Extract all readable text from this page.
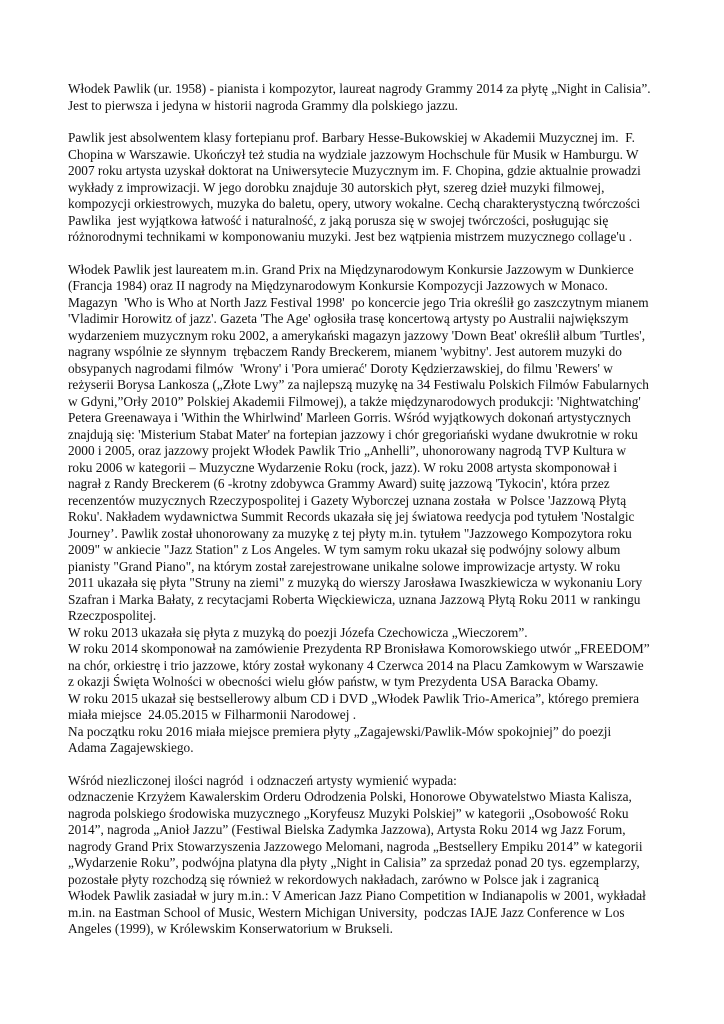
Włodek Pawlik (ur. 1958) - pianista i kompozytor, laureat nagrody Grammy 2014 za płytę „Night in Calisia”.
Jest to pierwsza i jedyna w historii nagroda Grammy dla polskiego jazzu.
Pawlik jest absolwentem klasy fortepianu prof. Barbary Hesse-Bukowskiej w Akademii Muzycznej im.  F.
Chopina w Warszawie. Ukończył też studia na wydziale jazzowym Hochschule für Musik w Hamburgu. W
2007 roku artysta uzyskał doktorat na Uniwersytecie Muzycznym im. F. Chopina, gdzie aktualnie prowadzi
wykłady z improwizacji. W jego dorobku znajduje 30 autorskich płyt, szereg dzieł muzyki filmowej,
kompozycji orkiestrowych, muzyka do baletu, opery, utwory wokalne. Cechą charakterystyczną twórczości
Pawlika  jest wyjątkowa łatwość i naturalność, z jaką porusza się w swojej twórczości, posługując się
różnorodnymi technikami w komponowaniu muzyki. Jest bez wątpienia mistrzem muzycznego collage'u .
Włodek Pawlik jest laureatem m.in. Grand Prix na Międzynarodowym Konkursie Jazzowym w Dunkierce
(Francja 1984) oraz II nagrody na Międzynarodowym Konkursie Kompozycji Jazzowych w Monaco.
Magazyn  'Who is Who at North Jazz Festival 1998'  po koncercie jego Tria określił go zaszczytnym mianem
'Vladimir Horowitz of jazz'. Gazeta 'The Age' ogłosiła trasę koncertową artysty po Australii największym
wydarzeniem muzycznym roku 2002, a amerykański magazyn jazzowy 'Down Beat' określił album 'Turtles',
nagrany wspólnie ze słynnym  trębaczem Randy Breckerem, mianem 'wybitny'. Jest autorem muzyki do
obsypanych nagrodami filmów  'Wrony' i 'Pora umierać' Doroty Kędzierzawskiej, do filmu 'Rewers' w
reżyserii Borysa Lankosza („Złote Lwy” za najlepszą muzykę na 34 Festiwalu Polskich Filmów Fabularnych
w Gdyni,”Orły 2010” Polskiej Akademii Filmowej), a także międzynarodowych produkcji: 'Nightwatching'
Petera Greenawaya i 'Within the Whirlwind' Marleen Gorris. Wśród wyjątkowych dokonań artystycznych
znajdują się: 'Misterium Stabat Mater' na fortepian jazzowy i chór gregoriański wydane dwukrotnie w roku
2000 i 2005, oraz jazzowy projekt Włodek Pawlik Trio „Anhelli”, uhonorowany nagrodą TVP Kultura w
roku 2006 w kategorii – Muzyczne Wydarzenie Roku (rock, jazz). W roku 2008 artysta skomponował i
nagrał z Randy Breckerem (6 -krotny zdobywca Grammy Award) suitę jazzową 'Tykocin', która przez
recenzentów muzycznych Rzeczypospolitej i Gazety Wyborczej uznana została  w Polsce 'Jazzową Płytą
Roku'. Nakładem wydawnictwa Summit Records ukazała się jej światowa reedycja pod tytułem 'Nostalgic
Journey’. Pawlik został uhonorowany za muzykę z tej płyty m.in. tytułem "Jazzowego Kompozytora roku
2009" w ankiecie "Jazz Station" z Los Angeles. W tym samym roku ukazał się podwójny solowy album
pianisty "Grand Piano", na którym został zarejestrowane unikalne solowe improwizacje artysty. W roku
2011 ukazała się płyta "Struny na ziemi" z muzyką do wierszy Jarosława Iwaszkiewicza w wykonaniu Lory
Szafran i Marka Bałaty, z recytacjami Roberta Więckiewicza, uznana Jazzową Płytą Roku 2011 w rankingu
Rzeczpospolitej.
W roku 2013 ukazała się płyta z muzyką do poezji Józefa Czechowicza „Wieczorem”.
W roku 2014 skomponował na zamówienie Prezydenta RP Bronisława Komorowskiego utwór „FREEDOM”
na chór, orkiestrę i trio jazzowe, który został wykonany 4 Czerwca 2014 na Placu Zamkowym w Warszawie
z okazji Święta Wolności w obecności wielu głów państw, w tym Prezydenta USA Baracka Obamy.
W roku 2015 ukazał się bestsellerowy album CD i DVD „Włodek Pawlik Trio-America”, którego premiera
miała miejsce  24.05.2015 w Filharmonii Narodowej .
Na początku roku 2016 miała miejsce premiera płyty „Zagajewski/Pawlik-Mów spokojniej” do poezji
Adama Zagajewskiego.
Wśród niezliczonej ilości nagród  i odznaczeń artysty wymienić wypada:
odznaczenie Krzyżem Kawalerskim Orderu Odrodzenia Polski, Honorowe Obywatelstwo Miasta Kalisza,
nagroda polskiego środowiska muzycznego „Koryfeusz Muzyki Polskiej” w kategorii „Osobowość Roku
2014”, nagroda „Anioł Jazzu” (Festiwal Bielska Zadymka Jazzowa), Artysta Roku 2014 wg Jazz Forum,
nagrody Grand Prix Stowarzyszenia Jazzowego Melomani, nagroda „Bestsellery Empiku 2014” w kategorii
„Wydarzenie Roku”, podwójna platyna dla płyty „Night in Calisia” za sprzedaż ponad 20 tys. egzemplarzy,
pozostałe płyty rozchodzą się również w rekordowych nakładach, zarówno w Polsce jak i zagranicą
Włodek Pawlik zasiadał w jury m.in.: V American Jazz Piano Competition w Indianapolis w 2001, wykładał
m.in. na Eastman School of Music, Western Michigan University,  podczas IAJE Jazz Conference w Los
Angeles (1999), w Królewskim Konserwatorium w Brukseli.
